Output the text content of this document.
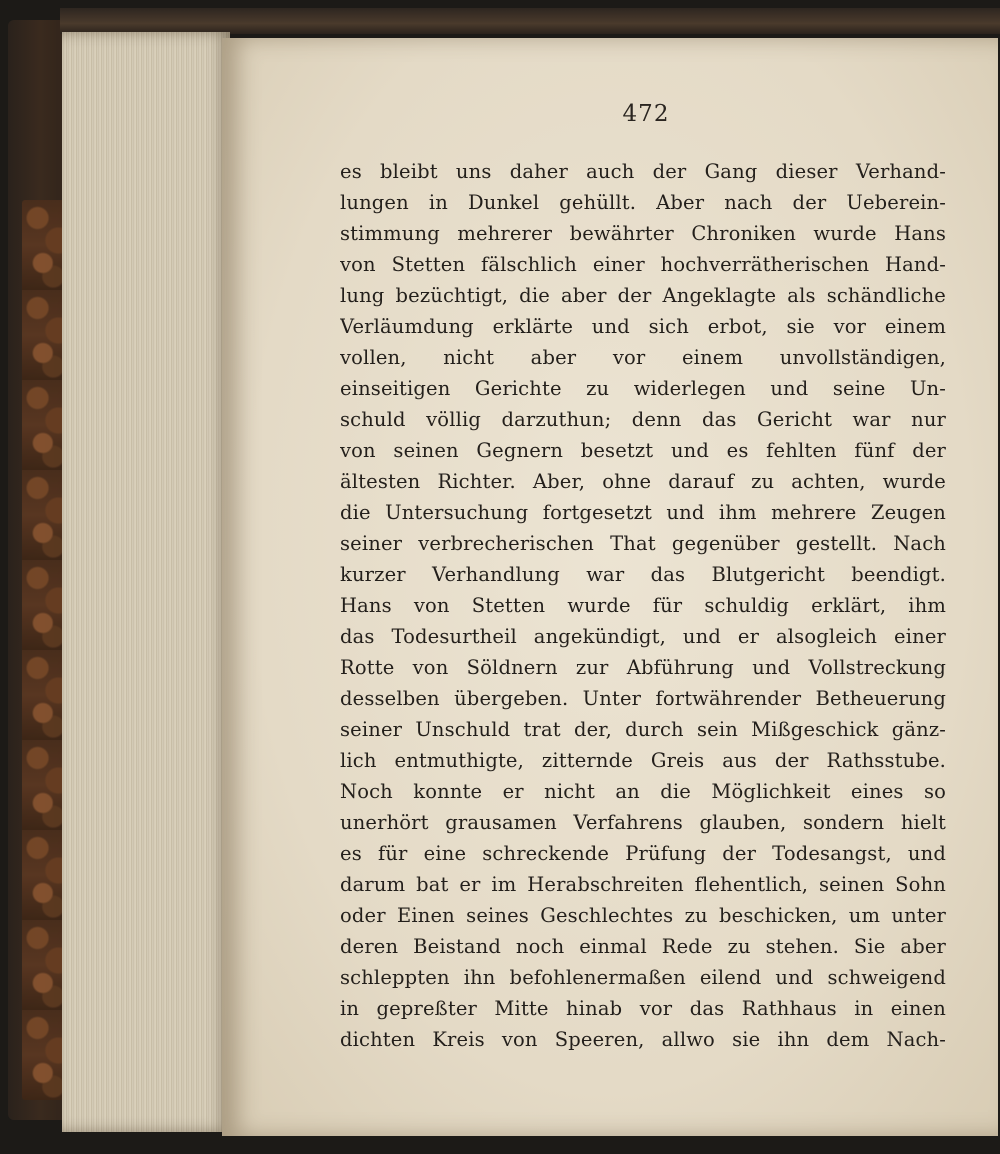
472
es bleibt uns daher auch der Gang dieser Verhand-
lungen in Dunkel gehüllt. Aber nach der Ueberein-
stimmung mehrerer bewährter Chroniken wurde Hans
von Stetten fälschlich einer hochverrätherischen Hand-
lung bezüchtigt, die aber der Angeklagte als schändliche
Verläumdung erklärte und sich erbot, sie vor einem
vollen, nicht aber vor einem unvollständigen,
einseitigen Gerichte zu widerlegen und seine Un-
schuld völlig darzuthun; denn das Gericht war nur
von seinen Gegnern besetzt und es fehlten fünf der
ältesten Richter. Aber, ohne darauf zu achten, wurde
die Untersuchung fortgesetzt und ihm mehrere Zeugen
seiner verbrecherischen That gegenüber gestellt. Nach
kurzer Verhandlung war das Blutgericht beendigt.
Hans von Stetten wurde für schuldig erklärt, ihm
das Todesurtheil angekündigt, und er alsogleich einer
Rotte von Söldnern zur Abführung und Vollstreckung
desselben übergeben. Unter fortwährender Betheuerung
seiner Unschuld trat der, durch sein Mißgeschick gänz-
lich entmuthigte, zitternde Greis aus der Rathsstube.
Noch konnte er nicht an die Möglichkeit eines so
unerhört grausamen Verfahrens glauben, sondern hielt
es für eine schreckende Prüfung der Todesangst, und
darum bat er im Herabschreiten flehentlich, seinen Sohn
oder Einen seines Geschlechtes zu beschicken, um unter
deren Beistand noch einmal Rede zu stehen. Sie aber
schleppten ihn befohlenermaßen eilend und schweigend
in gepreßter Mitte hinab vor das Rathhaus in einen
dichten Kreis von Speeren, allwo sie ihn dem Nach-
